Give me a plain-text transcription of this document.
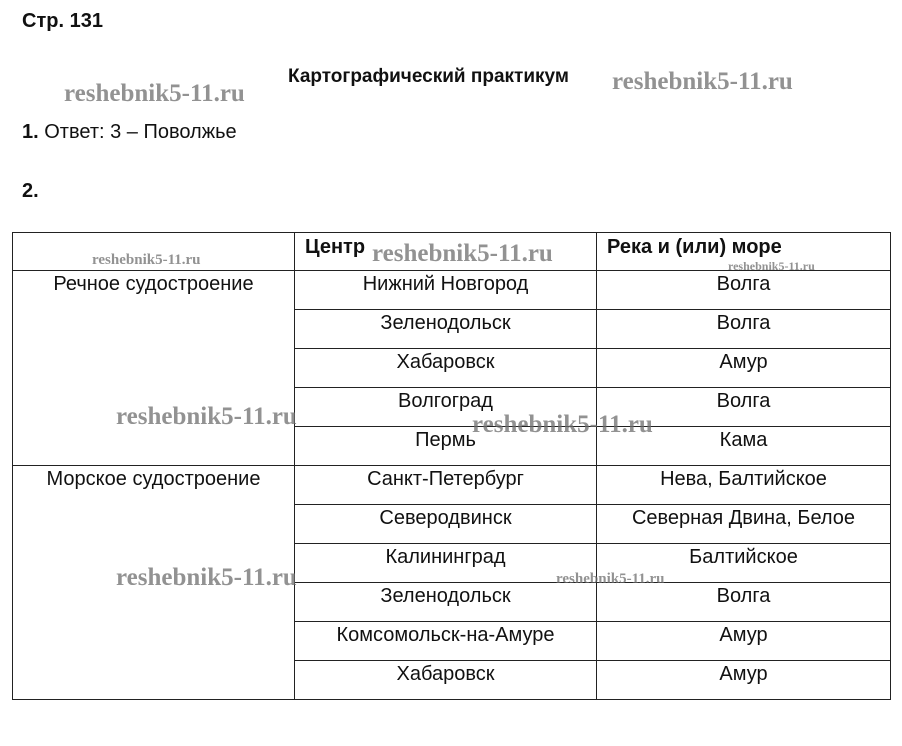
Стр. 131
Картографический практикум
1. Ответ: 3 – Поволжье
2.
	Центр	Река и (или) море
Речное судостроение	Нижний Новгород	Волга
	Зеленодольск	Волга
	Хабаровск	Амур
	Волгоград	Волга
	Пермь	Кама
Морское судостроение	Санкт-Петербург	Нева, Балтийское
	Северодвинск	Северная Двина, Белое
	Калининград	Балтийское
	Зеленодольск	Волга
	Комсомольск-на-Амуре	Амур
	Хабаровск	Амур
reshebnik5-11.ru	reshebnik5-11.ru
reshebnik5-11.ru	reshebnik5-11.ru	reshebnik5-11.ru
reshebnik5-11.ru	reshebnik5-11.ru
reshebnik5-11.ru	reshebnik5-11.ru
